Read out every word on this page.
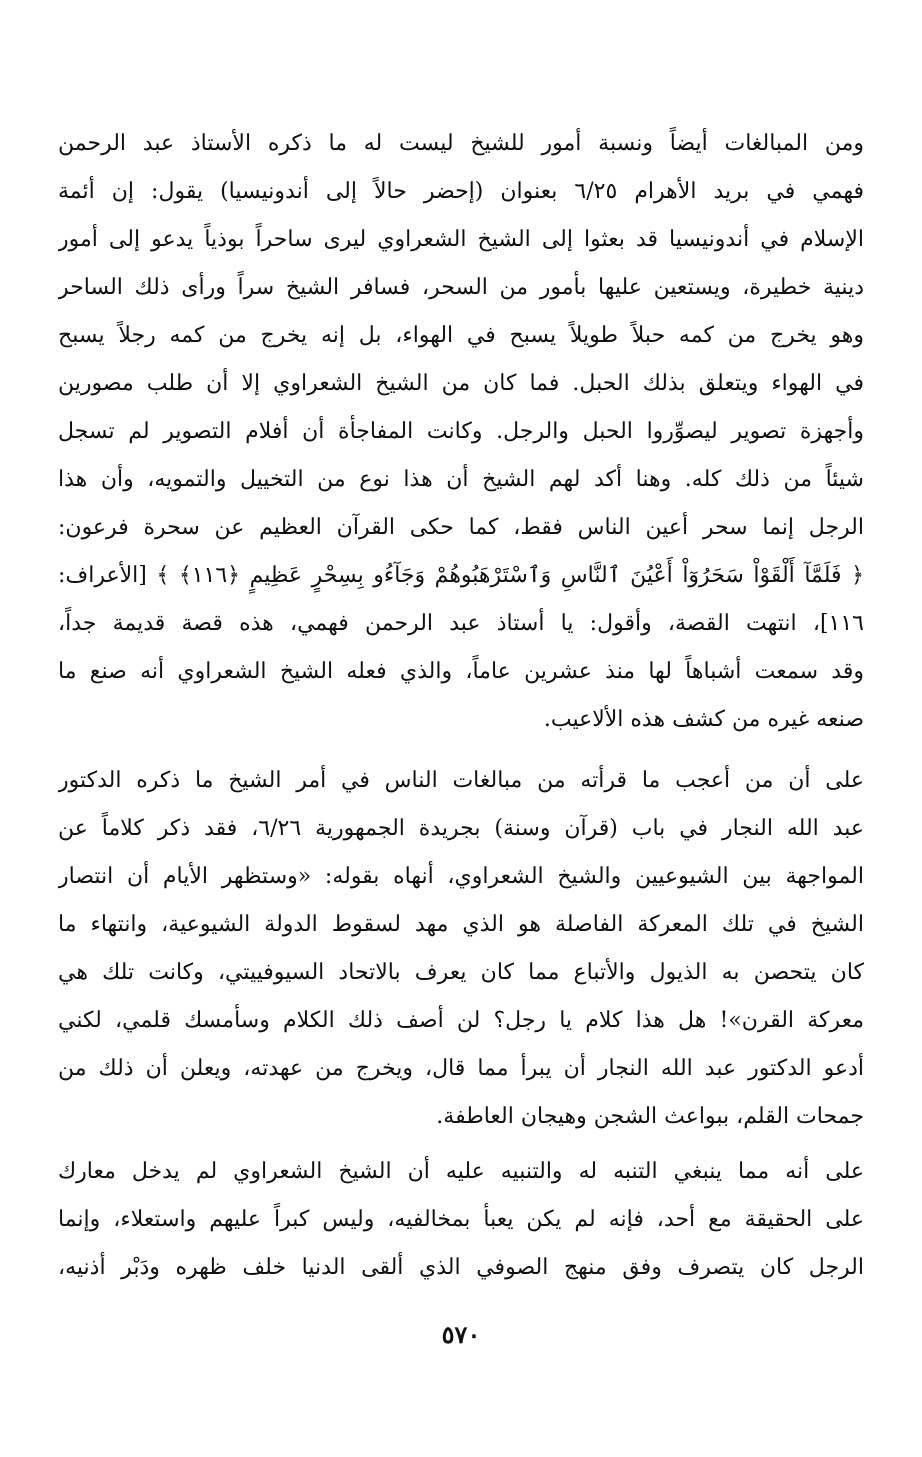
ومن المبالغات أيضاً ونسبة أمور للشيخ ليست له ما ذكره الأستاذ عبد الرحمن
فهمي في بريد الأهرام ٦/٢٥ بعنوان (إحضر حالاً إلى أندونيسيا) يقول: إن أئمة
الإسلام في أندونيسيا قد بعثوا إلى الشيخ الشعراوي ليرى ساحراً بوذياً يدعو إلى أمور
دينية خطيرة، ويستعين عليها بأمور من السحر، فسافر الشيخ سراً ورأى ذلك الساحر
وهو يخرج من كمه حبلاً طويلاً يسبح في الهواء، بل إنه يخرج من كمه رجلاً يسبح
في الهواء ويتعلق بذلك الحبل. فما كان من الشيخ الشعراوي إلا أن طلب مصورين
وأجهزة تصوير ليصوِّروا الحبل والرجل. وكانت المفاجأة أن أفلام التصوير لم تسجل
شيئاً من ذلك كله. وهنا أكد لهم الشيخ أن هذا نوع من التخييل والتمويه، وأن هذا
الرجل إنما سحر أعين الناس فقط، كما حكى القرآن العظيم عن سحرة فرعون:
﴿ فَلَمَّآ أَلْقَوْاْ سَحَرُوٓاْ أَعْيُنَ ٱلنَّاسِ وَٱسْتَرْهَبُوهُمْ وَجَآءُو بِسِحْرٍ عَظِيمٍ ﴿١١٦﴾ ﴾ [الأعراف:
١١٦]، انتهت القصة، وأقول: يا أستاذ عبد الرحمن فهمي، هذه قصة قديمة جداً،
وقد سمعت أشباهاً لها منذ عشرين عاماً، والذي فعله الشيخ الشعراوي أنه صنع ما
صنعه غيره من كشف هذه الألاعيب.
على أن من أعجب ما قرأته من مبالغات الناس في أمر الشيخ ما ذكره الدكتور
عبد الله النجار في باب (قرآن وسنة) بجريدة الجمهورية ٦/٢٦، فقد ذكر كلاماً عن
المواجهة بين الشيوعيين والشيخ الشعراوي، أنهاه بقوله: «وستظهر الأيام أن انتصار
الشيخ في تلك المعركة الفاصلة هو الذي مهد لسقوط الدولة الشيوعية، وانتهاء ما
كان يتحصن به الذيول والأتباع مما كان يعرف بالاتحاد السيوفييتي، وكانت تلك هي
معركة القرن»! هل هذا كلام يا رجل؟ لن أصف ذلك الكلام وسأمسك قلمي، لكني
أدعو الدكتور عبد الله النجار أن يبرأ مما قال، ويخرج من عهدته، ويعلن أن ذلك من
جمحات القلم، ببواعث الشجن وهيجان العاطفة.
على أنه مما ينبغي التنبه له والتنبيه عليه أن الشيخ الشعراوي لم يدخل معارك
على الحقيقة مع أحد، فإنه لم يكن يعبأ بمخالفيه، وليس كبراً عليهم واستعلاء، وإنما
الرجل كان يتصرف وفق منهج الصوفي الذي ألقى الدنيا خلف ظهره ودَبْر أذنيه،
٥٧٠
